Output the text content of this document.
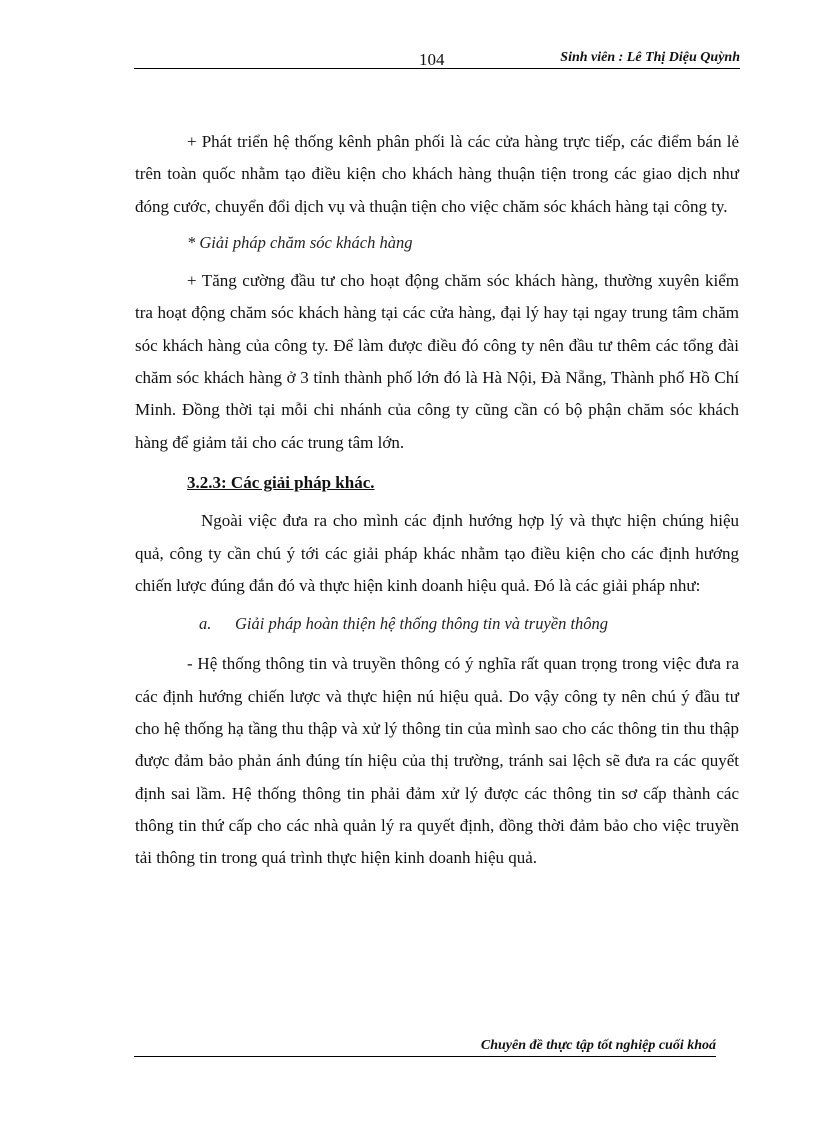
104	Sinh viên : Lê Thị Diệu Quỳnh

+ Phát triển hệ thống kênh phân phối là các cửa hàng trực tiếp, các điểm bán lẻ trên toàn quốc nhằm tạo điều kiện cho khách hàng thuận tiện trong các giao dịch như đóng cước, chuyển đổi dịch vụ và thuận tiện cho việc chăm sóc khách hàng tại công ty.

* Giải pháp chăm sóc khách hàng

+ Tăng cường đầu tư cho hoạt động chăm sóc khách hàng, thường xuyên kiểm tra hoạt động chăm sóc khách hàng tại các cửa hàng, đại lý hay tại ngay trung tâm chăm sóc khách hàng của công ty. Để làm được điều đó công ty nên đầu tư thêm các tổng đài chăm sóc khách hàng ở 3 tỉnh thành phố lớn đó là Hà Nội, Đà Nẵng, Thành phố Hồ Chí Minh. Đồng thời tại mỗi chi nhánh của công ty cũng cần có bộ phận chăm sóc khách hàng để giảm tải cho các trung tâm lớn.

3.2.3: Các giải pháp khác.

Ngoài việc đưa ra cho mình các định hướng hợp lý và thực hiện chúng hiệu quả, công ty cần chú ý tới các giải pháp khác nhằm tạo điều kiện cho các định hướng chiến lược đúng đắn đó và thực hiện kinh doanh hiệu quả. Đó là các giải pháp như:

a. Giải pháp hoàn thiện hệ thống thông tin và truyền thông

- Hệ thống thông tin và truyền thông có ý nghĩa rất quan trọng trong việc đưa ra các định hướng chiến lược và thực hiện nú hiệu quả. Do vậy công ty nên chú ý đầu tư cho hệ thống hạ tầng thu thập và xử lý thông tin của mình sao cho các thông tin thu thập được đảm bảo phản ánh đúng tín hiệu của thị trường, tránh sai lệch sẽ đưa ra các quyết định sai lầm. Hệ thống thông tin phải đảm xử lý được các thông tin sơ cấp thành các thông tin thứ cấp cho các nhà quản lý ra quyết định, đồng thời đảm bảo cho việc truyền tải thông tin trong quá trình thực hiện kinh doanh hiệu quả.

Chuyên đề thực tập tốt nghiệp cuối khoá
